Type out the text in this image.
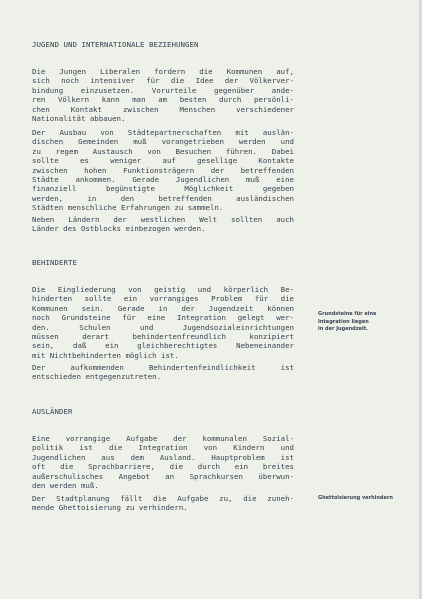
JUGEND UND INTERNATIONALE BEZIEHUNGEN

Die Jungen Liberalen fordern die Kommunen auf,
sich noch intensiver für die Idee der Völkerver-
bindung einzusetzen. Vorurteile gegenüber ande-
ren Völkern kann man am besten durch persönli-
chen Kontakt zwischen Menschen verschiedener
Nationalität abbauen.
Der Ausbau von Städtepartnerschaften mit auslän-
dischen Gemeinden muß vorangetrieben werden und
zu regem Austausch von Besuchen führen. Dabei
sollte es weniger auf gesellige Kontakte
zwischen hohen Funktionsträgern der betreffenden
Städte ankommen. Gerade Jugendlichen muß eine
finanziell begünstigte Möglichkeit gegeben
werden, in den betreffenden ausländischen
Städten menschliche Erfahrungen zu sammeln.
Neben Ländern der westlichen Welt sollten auch
Länder des Ostblocks einbezogen werden.

BEHINDERTE

Die Eingliederung von geistig und körperlich Be-
hinderten sollte ein vorrangiges Problem für die
Kommunen sein. Gerade in der Jugendzeit können
noch Grundsteine für eine Integration gelegt wer-
den. Schulen und Jugendsozialeinrichtungen
müssen derart behindertenfreundlich konzipiert
sein, daß ein gleichberechtigtes Nebeneinander
mit Nichtbehinderten möglich ist.
Der aufkommenden Behindertenfeindlichkeit ist
entschieden entgegenzutreten.

AUSLÄNDER

Eine vorrangige Aufgabe der kommunalen Sozial-
politik ist die Integration von Kindern und
Jugendlichen aus dem Ausland. Hauptproblem ist
oft die Sprachbarriere, die durch ein breites
außerschulisches Angebot an Sprachkursen überwun-
den werden muß.
Der Stadtplanung fällt die Aufgabe zu, die zuneh-
mende Ghettoisierung zu verhindern.
Grundsteine für eine
Integration liegen
in der Jugendzeit.
Ghettoisierung verhindern
